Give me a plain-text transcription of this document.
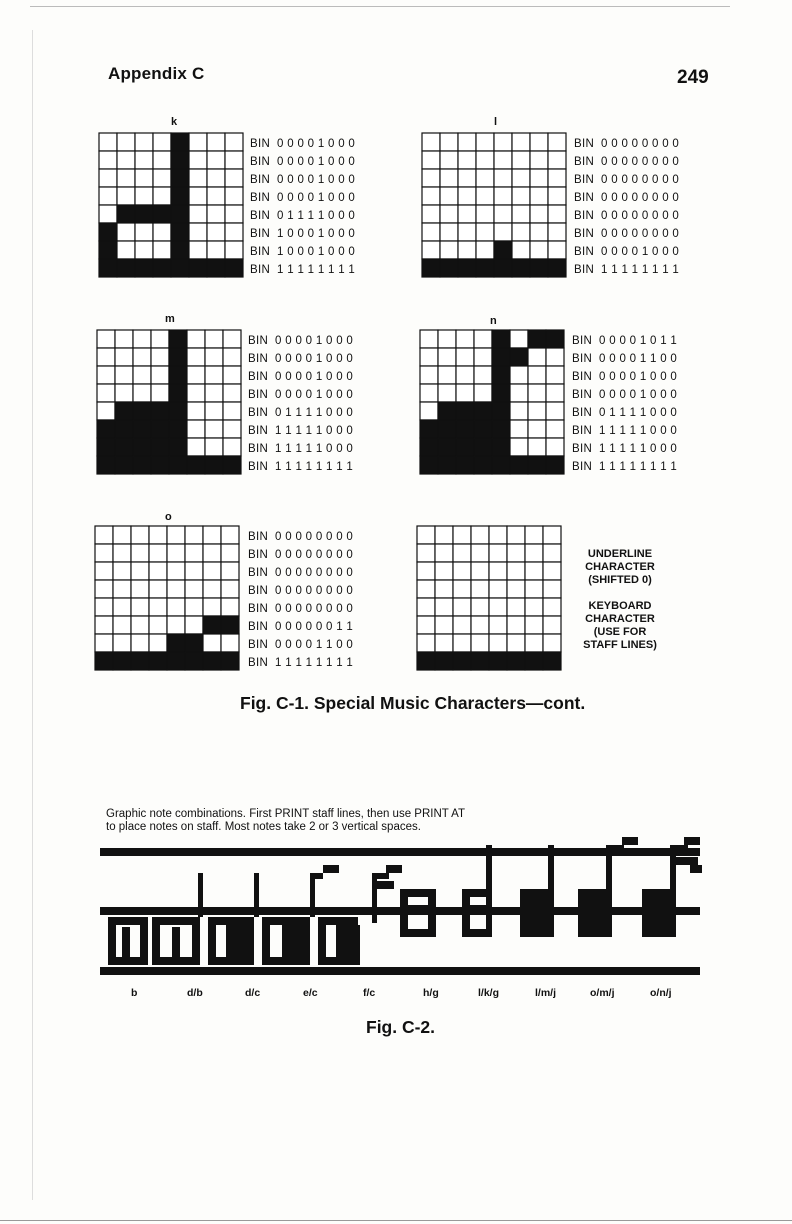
Appendix C	249
k
BIN  0 0 0 0 1 0 0 0
BIN  0 0 0 0 1 0 0 0
BIN  0 0 0 0 1 0 0 0
BIN  0 0 0 0 1 0 0 0
BIN  0 1 1 1 1 0 0 0
BIN  1 0 0 0 1 0 0 0
BIN  1 0 0 0 1 0 0 0
BIN  1 1 1 1 1 1 1 1
l
BIN  0 0 0 0 0 0 0 0
BIN  0 0 0 0 0 0 0 0
BIN  0 0 0 0 0 0 0 0
BIN  0 0 0 0 0 0 0 0
BIN  0 0 0 0 0 0 0 0
BIN  0 0 0 0 0 0 0 0
BIN  0 0 0 0 1 0 0 0
BIN  1 1 1 1 1 1 1 1
m
BIN  0 0 0 0 1 0 0 0
BIN  0 0 0 0 1 0 0 0
BIN  0 0 0 0 1 0 0 0
BIN  0 0 0 0 1 0 0 0
BIN  0 1 1 1 1 0 0 0
BIN  1 1 1 1 1 0 0 0
BIN  1 1 1 1 1 0 0 0
BIN  1 1 1 1 1 1 1 1
n
BIN  0 0 0 0 1 0 1 1
BIN  0 0 0 0 1 1 0 0
BIN  0 0 0 0 1 0 0 0
BIN  0 0 0 0 1 0 0 0
BIN  0 1 1 1 1 0 0 0
BIN  1 1 1 1 1 0 0 0
BIN  1 1 1 1 1 0 0 0
BIN  1 1 1 1 1 1 1 1
o
BIN  0 0 0 0 0 0 0 0
BIN  0 0 0 0 0 0 0 0
BIN  0 0 0 0 0 0 0 0
BIN  0 0 0 0 0 0 0 0
BIN  0 0 0 0 0 0 0 0
BIN  0 0 0 0 0 0 1 1
BIN  0 0 0 0 1 1 0 0
BIN  1 1 1 1 1 1 1 1
UNDERLINE
CHARACTER
(SHIFTED 0)
KEYBOARD
CHARACTER
(USE FOR
STAFF LINES)
Fig. C-1. Special Music Characters—cont.
Graphic note combinations. First PRINT staff lines, then use PRINT AT
to place notes on staff. Most notes take 2 or 3 vertical spaces.
b	d/b	d/c	e/c	f/c	h/g	l/k/g	l/m/j	o/m/j	o/n/j
Fig. C-2.
